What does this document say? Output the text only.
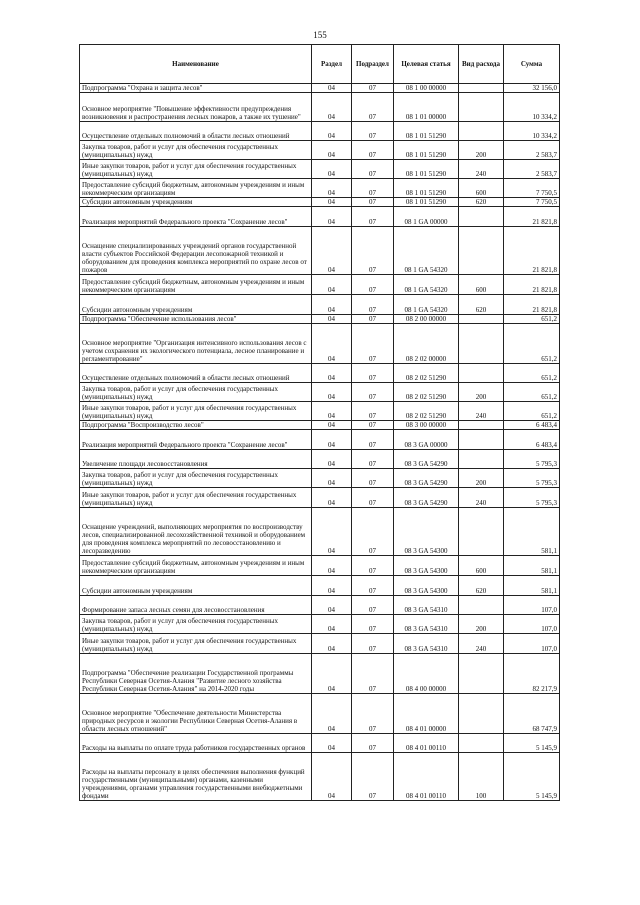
155
Наименование	Раздел	Подраздел	Целевая статья	Вид расхода	Сумма
Подпрограмма "Охрана и защита лесов"	04	07	08 1 00 00000		32 156,0
Основное мероприятие "Повышение эффективности предупреждения возникновения и распространения лесных пожаров, а также их тушение"	04	07	08 1 01 00000		10 334,2
Осуществление отдельных полномочий в области лесных отношений	04	07	08 1 01 51290		10 334,2
Закупка товаров, работ и услуг для обеспечения государственных (муниципальных) нужд	04	07	08 1 01 51290	200	2 583,7
Иные закупки товаров, работ и услуг для обеспечения государственных (муниципальных) нужд	04	07	08 1 01 51290	240	2 583,7
Предоставление субсидий бюджетным, автономным учреждениям и иным некоммерческим организациям	04	07	08 1 01 51290	600	7 750,5
Субсидии автономным учреждениям	04	07	08 1 01 51290	620	7 750,5
Реализация мероприятий Федерального проекта "Сохранение лесов"	04	07	08 1 GA 00000		21 821,8
Оснащение специализированных учреждений органов государственной власти субъектов Российской Федерации лесопожарной техникой и оборудованием для проведения комплекса мероприятий по охране лесов от пожаров	04	07	08 1 GA 54320		21 821,8
Предоставление субсидий бюджетным, автономным учреждениям и иным некоммерческим организациям	04	07	08 1 GA 54320	600	21 821,8
Субсидии автономным учреждениям	04	07	08 1 GA 54320	620	21 821,8
Подпрограмма "Обеспечение использования лесов"	04	07	08 2 00 00000		651,2
Основное мероприятие "Организация интенсивного использования лесов с учетом сохранения их экологического потенциала, лесное планирование и регламентирование"	04	07	08 2 02 00000		651,2
Осуществление отдельных полномочий в области лесных отношений	04	07	08 2 02 51290		651,2
Закупка товаров, работ и услуг для обеспечения государственных (муниципальных) нужд	04	07	08 2 02 51290	200	651,2
Иные закупки товаров, работ и услуг для обеспечения государственных (муниципальных) нужд	04	07	08 2 02 51290	240	651,2
Подпрограмма "Воспроизводство лесов"	04	07	08 3 00 00000		6 483,4
Реализация мероприятий Федерального проекта "Сохранение лесов"	04	07	08 3 GA 00000		6 483,4
Увеличение площади лесовосстановления	04	07	08 3 GA 54290		5 795,3
Закупка товаров, работ и услуг для обеспечения государственных (муниципальных) нужд	04	07	08 3 GA 54290	200	5 795,3
Иные закупки товаров, работ и услуг для обеспечения государственных (муниципальных) нужд	04	07	08 3 GA 54290	240	5 795,3
Оснащение учреждений, выполняющих мероприятия по воспроизводству лесов, специализированной лесохозяйственной техникой и оборудованием для проведения комплекса мероприятий по лесовосстановлению и лесоразведению	04	07	08 3 GA 54300		581,1
Предоставление субсидий бюджетным, автономным учреждениям и иным некоммерческим организациям	04	07	08 3 GA 54300	600	581,1
Субсидии автономным учреждениям	04	07	08 3 GA 54300	620	581,1
Формирование запаса лесных семян для лесовосстановления	04	07	08 3 GA 54310		107,0
Закупка товаров, работ и услуг для обеспечения государственных (муниципальных) нужд	04	07	08 3 GA 54310	200	107,0
Иные закупки товаров, работ и услуг для обеспечения государственных (муниципальных) нужд	04	07	08 3 GA 54310	240	107,0
Подпрограмма "Обеспечение реализации Государственной программы Республики Северная Осетия-Алания "Развитие лесного хозяйства Республики Северная Осетия-Алания" на 2014-2020 годы	04	07	08 4 00 00000		82 217,9
Основное мероприятие "Обеспечение деятельности Министерства природных ресурсов и экологии Республики Северная Осетия-Алания в области лесных отношений"	04	07	08 4 01 00000		68 747,9
Расходы на выплаты по оплате труда работников государственных органов	04	07	08 4 01 00110		5 145,9
Расходы на выплаты персоналу в целях обеспечения выполнения функций государственными (муниципальными) органами, казенными учреждениями, органами управления государственными внебюджетными фондами	04	07	08 4 01 00110	100	5 145,9
